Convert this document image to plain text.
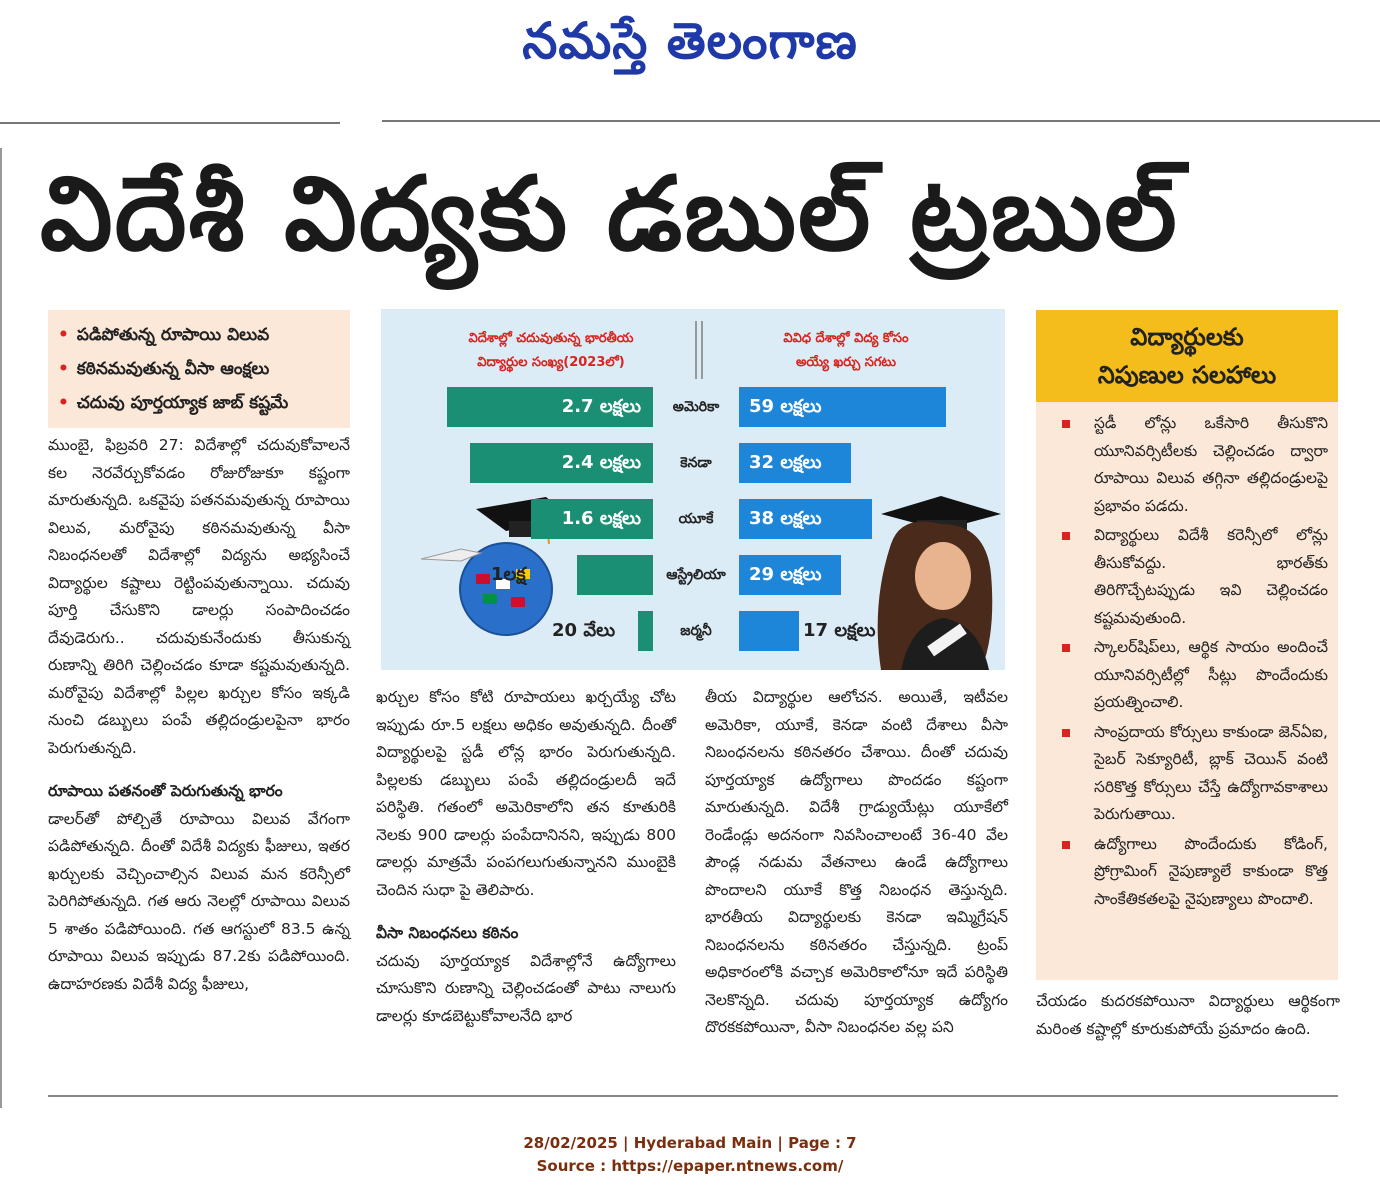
నమస్తే తెలంగాణ
విదేశీ విద్యకు డబుల్ ట్రబుల్
• పడిపోతున్న రూపాయి విలువ
• కఠినమవుతున్న వీసా ఆంక్షలు
• చదువు పూర్తయ్యాక జాబ్ కష్టమే

ముంబై, ఫిబ్రవరి 27: విదేశాల్లో చదువుకోవాలనే కల నెరవేర్చుకోవడం రోజురోజుకూ కష్టంగా మారుతున్నది. ఒకవైపు పతనమవుతున్న రూపాయి విలువ, మరోవైపు కఠినమవుతున్న వీసా నిబంధనలతో విదేశాల్లో విద్యను అభ్యసించే విద్యార్థుల కష్టాలు రెట్టింపవుతున్నాయి. చదువు పూర్తి చేసుకొని డాలర్లు సంపాదించడం దేవుడెరుగు.. చదువుకునేందుకు తీసుకున్న రుణాన్ని తిరిగి చెల్లించడం కూడా కష్టమవుతున్నది. మరోవైపు విదేశాల్లో పిల్లల ఖర్చుల కోసం ఇక్కడి నుంచి డబ్బులు పంపే తల్లిదండ్రులపైనా భారం పెరుగుతున్నది.

రూపాయి పతనంతో పెరుగుతున్న భారం

డాలర్‌తో పోల్చితే రూపాయి విలువ వేగంగా పడిపోతున్నది. దీంతో విదేశీ విద్యకు ఫీజులు, ఇతర ఖర్చులకు వెచ్చించాల్సిన విలువ మన కరెన్సీలో పెరిగిపోతున్నది. గత ఆరు నెలల్లో రూపాయి విలువ 5 శాతం పడిపోయింది. గత ఆగస్టులో 83.5 ఉన్న రూపాయి విలువ ఇప్పుడు 87.2కు పడిపోయింది. ఉదాహరణకు విదేశీ విద్య ఫీజులు,

విదేశాల్లో చదువుతున్న భారతీయ
విద్యార్థుల సంఖ్య(2023లో)
వివిధ దేశాల్లో విద్య కోసం
అయ్యే ఖర్చు సగటు
2.7 లక్షలు	అమెరికా	59 లక్షలు
2.4 లక్షలు	కెనడా	32 లక్షలు
1.6 లక్షలు	యూకే	38 లక్షలు
1లక్ష	ఆస్ట్రేలియా	29 లక్షలు
20 వేలు	జర్మనీ	17 లక్షలు

ఖర్చుల కోసం కోటి రూపాయలు ఖర్చయ్యే చోట ఇప్పుడు రూ.5 లక్షలు అధికం అవుతున్నది. దీంతో విద్యార్థులపై స్టడీ లోన్ల భారం పెరుగుతున్నది. పిల్లలకు డబ్బులు పంపే తల్లిదండ్రులదీ ఇదే పరిస్థితి. గతంలో అమెరికాలోని తన కూతురికి నెలకు 900 డాలర్లు పంపేదానినని, ఇప్పుడు 800 డాలర్లు మాత్రమే పంపగలుగుతున్నానని ముంబైకి చెందిన సుధా పై తెలిపారు.

వీసా నిబంధనలు కఠినం

చదువు పూర్తయ్యాక విదేశాల్లోనే ఉద్యోగాలు చూసుకొని రుణాన్ని చెల్లించడంతో పాటు నాలుగు డాలర్లు కూడబెట్టుకోవాలనేది భార

తీయ విద్యార్థుల ఆలోచన. అయితే, ఇటీవల అమెరికా, యూకే, కెనడా వంటి దేశాలు వీసా నిబంధనలను కఠినతరం చేశాయి. దీంతో చదువు పూర్తయ్యాక ఉద్యోగాలు పొందడం కష్టంగా మారుతున్నది. విదేశీ గ్రాడ్యుయేట్లు యూకేలో రెండేండ్లు అదనంగా నివసించాలంటే 36-40 వేల పౌండ్ల నడుమ వేతనాలు ఉండే ఉద్యోగాలు పొందాలని యూకే కొత్త నిబంధన తెస్తున్నది. భారతీయ విద్యార్థులకు కెనడా ఇమ్మిగ్రేషన్ నిబంధనలను కఠినతరం చేస్తున్నది. ట్రంప్ అధికారంలోకి వచ్చాక అమెరికాలోనూ ఇదే పరిస్థితి నెలకొన్నది. చదువు పూర్తయ్యాక ఉద్యోగం దొరకకపోయినా, వీసా నిబంధనల వల్ల పని

విద్యార్థులకు
నిపుణుల సలహాలు
స్టడీ లోన్లు ఒకేసారి తీసుకొని యూనివర్సిటీలకు చెల్లించడం ద్వారా రూపాయి విలువ తగ్గినా తల్లిదండ్రులపై ప్రభావం పడదు.
విద్యార్థులు విదేశీ కరెన్సీలో లోన్లు తీసుకోవద్దు. భారత్‌కు తిరిగొచ్చేటప్పుడు ఇవి చెల్లించడం కష్టమవుతుంది.
స్కాలర్‌షిప్‌లు, ఆర్థిక సాయం అందించే యూనివర్సిటీల్లో సీట్లు పొందేందుకు ప్రయత్నించాలి.
సాంప్రదాయ కోర్సులు కాకుండా జెన్‌ఏఐ, సైబర్ సెక్యూరిటీ, బ్లాక్ చెయిన్ వంటి సరికొత్త కోర్సులు చేస్తే ఉద్యోగావకాశాలు పెరుగుతాయి.
ఉద్యోగాలు పొందేందుకు కోడింగ్, ప్రోగ్రామింగ్ నైపుణ్యాలే కాకుండా కొత్త సాంకేతికతలపై నైపుణ్యాలు పొందాలి.

చేయడం కుదరకపోయినా విద్యార్థులు ఆర్థికంగా మరింత కష్టాల్లో కూరుకుపోయే ప్రమాదం ఉంది.

28/02/2025 | Hyderabad Main | Page : 7
Source : https://epaper.ntnews.com/
